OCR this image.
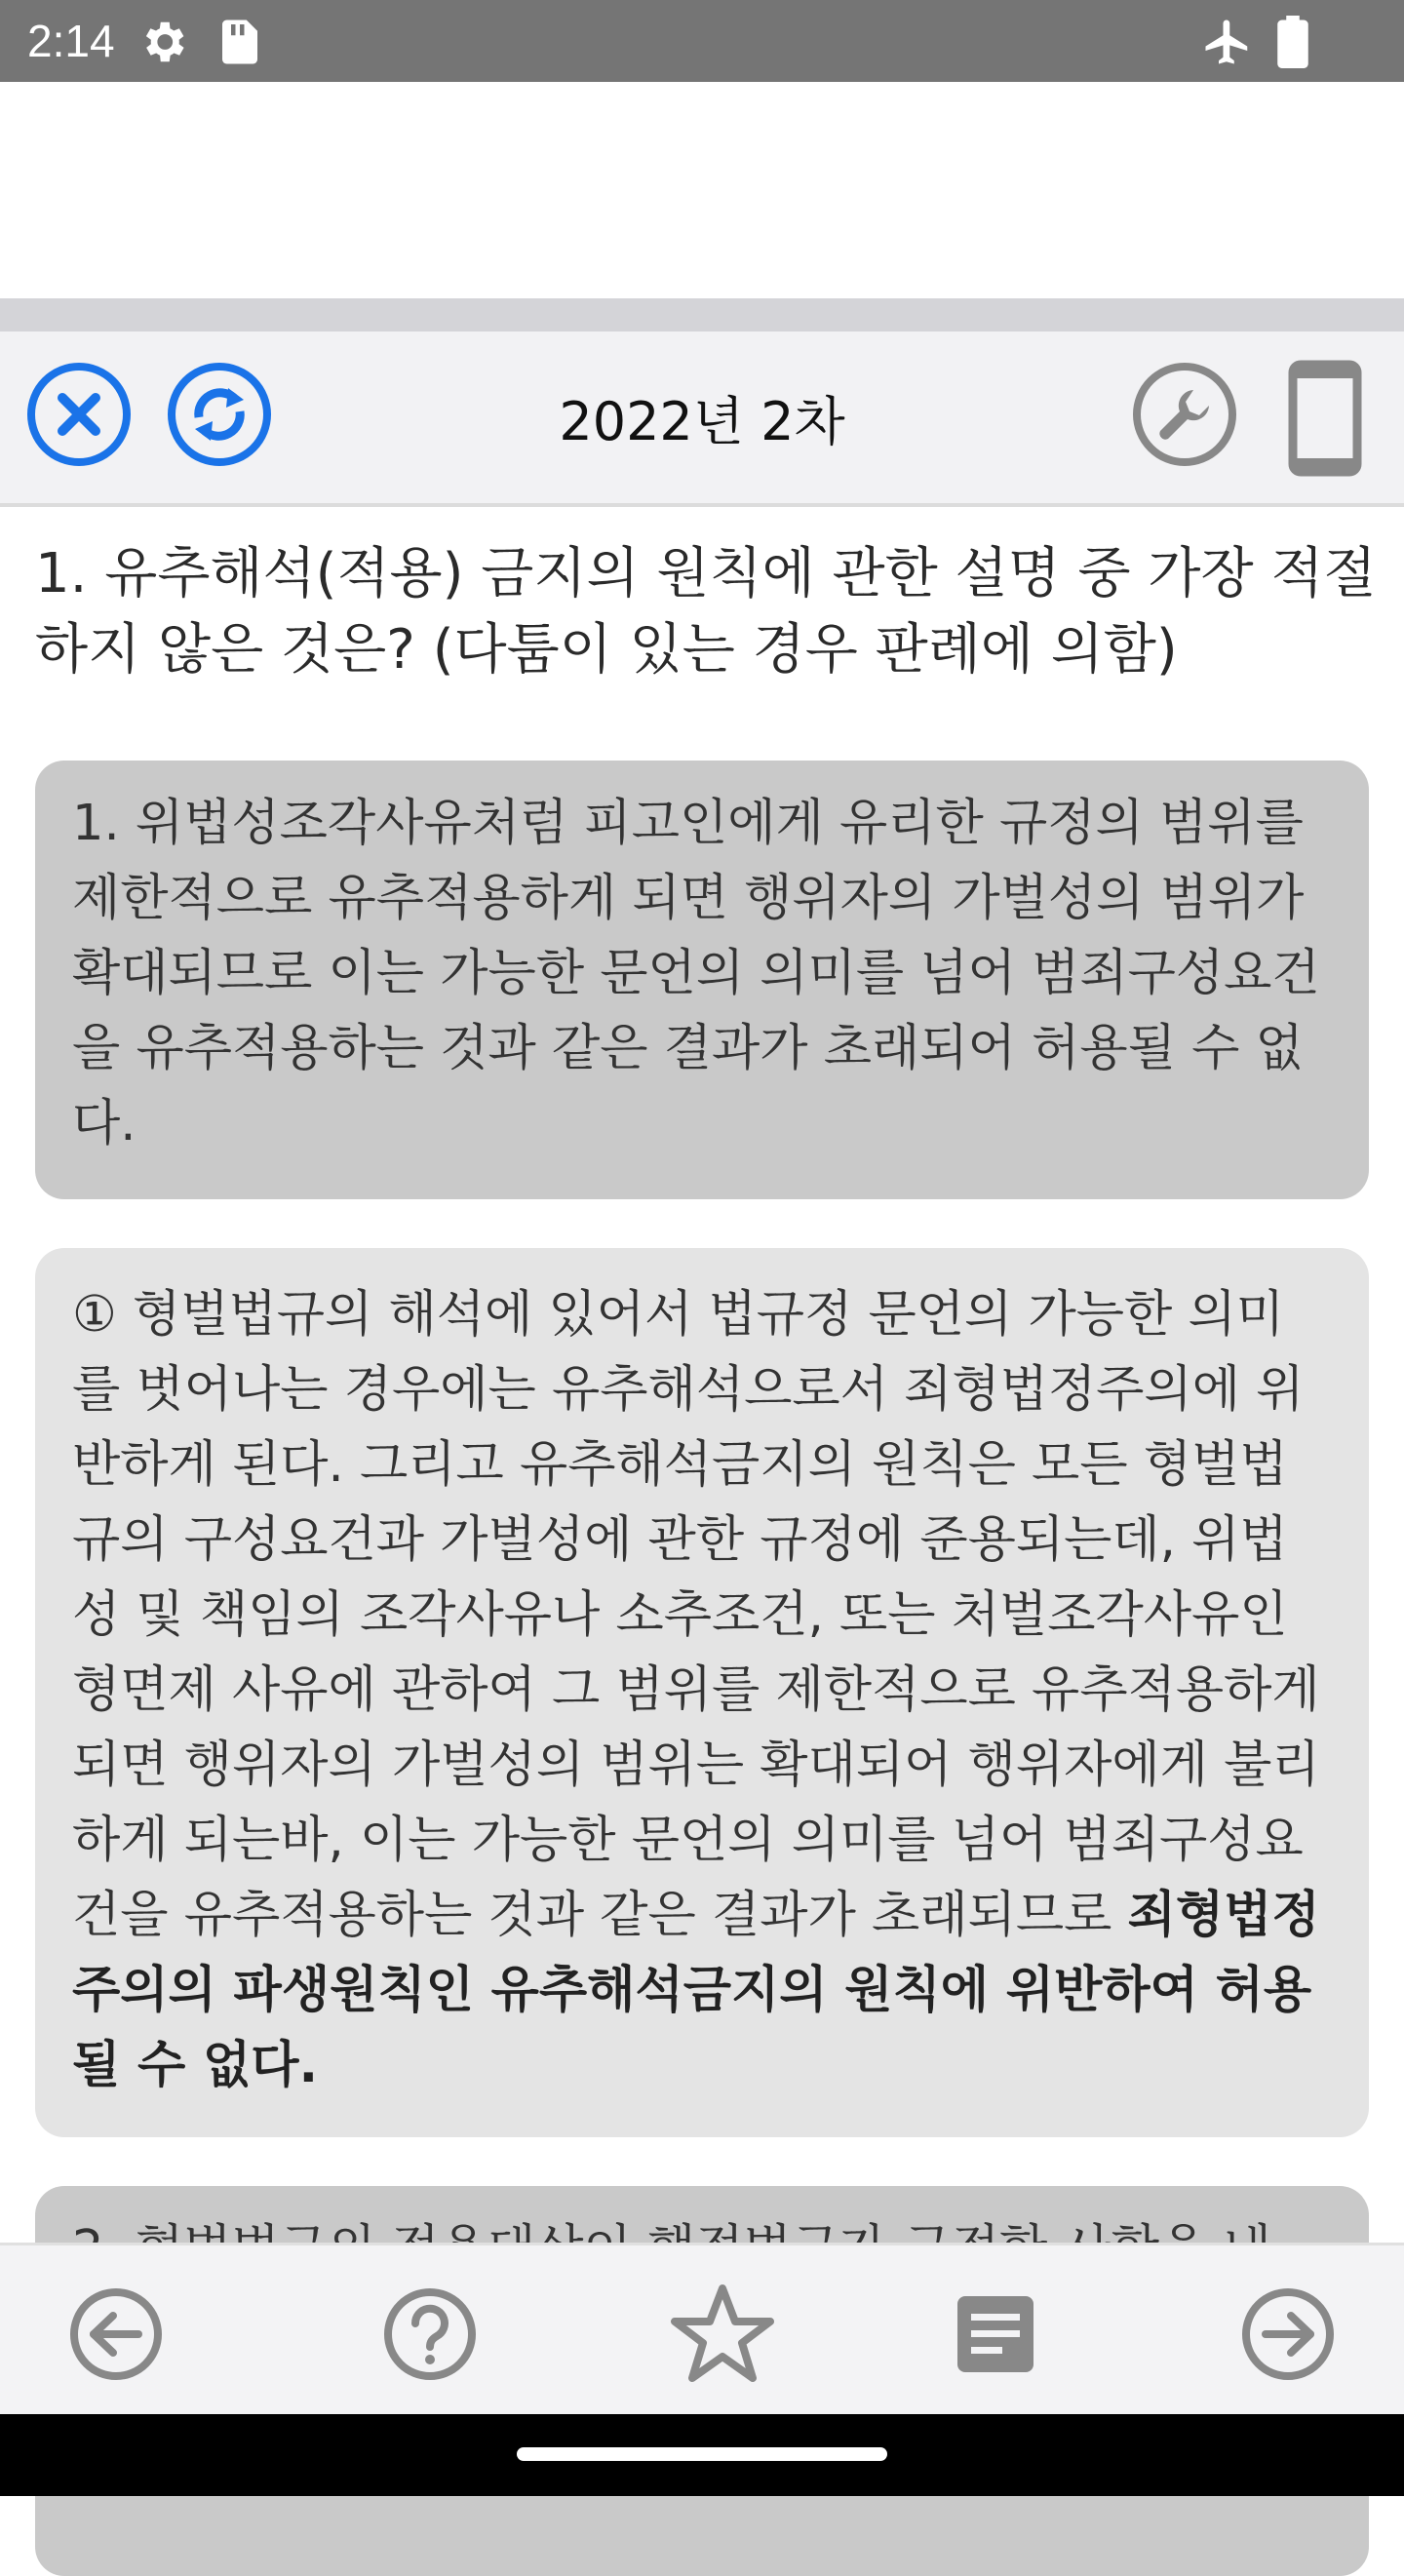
2:14
2022년 2차
1. 유추해석(적용) 금지의 원칙에 관한 설명 중 가장 적절하지 않은 것은? (다툼이 있는 경우 판례에 의함)
1. 위법성조각사유처럼 피고인에게 유리한 규정의 범위를 제한적으로 유추적용하게 되면 행위자의 가벌성의 범위가 확대되므로 이는 가능한 문언의 의미를 넘어 범죄구성요건을 유추적용하는 것과 같은 결과가 초래되어 허용될 수 없다.
① 형벌법규의 해석에 있어서 법규정 문언의 가능한 의미를 벗어나는 경우에는 유추해석으로서 죄형법정주의에 위반하게 된다. 그리고 유추해석금지의 원칙은 모든 형벌법규의 구성요건과 가벌성에 관한 규정에 준용되는데, 위법성 및 책임의 조각사유나 소추조건, 또는 처벌조각사유인 형면제 사유에 관하여 그 범위를 제한적으로 유추적용하게 되면 행위자의 가벌성의 범위는 확대되어 행위자에게 불리하게 되는바, 이는 가능한 문언의 의미를 넘어 범죄구성요건을 유추적용하는 것과 같은 결과가 초래되므로 죄형법정주의의 파생원칙인 유추해석금지의 원칙에 위반하여 허용될 수 없다.
